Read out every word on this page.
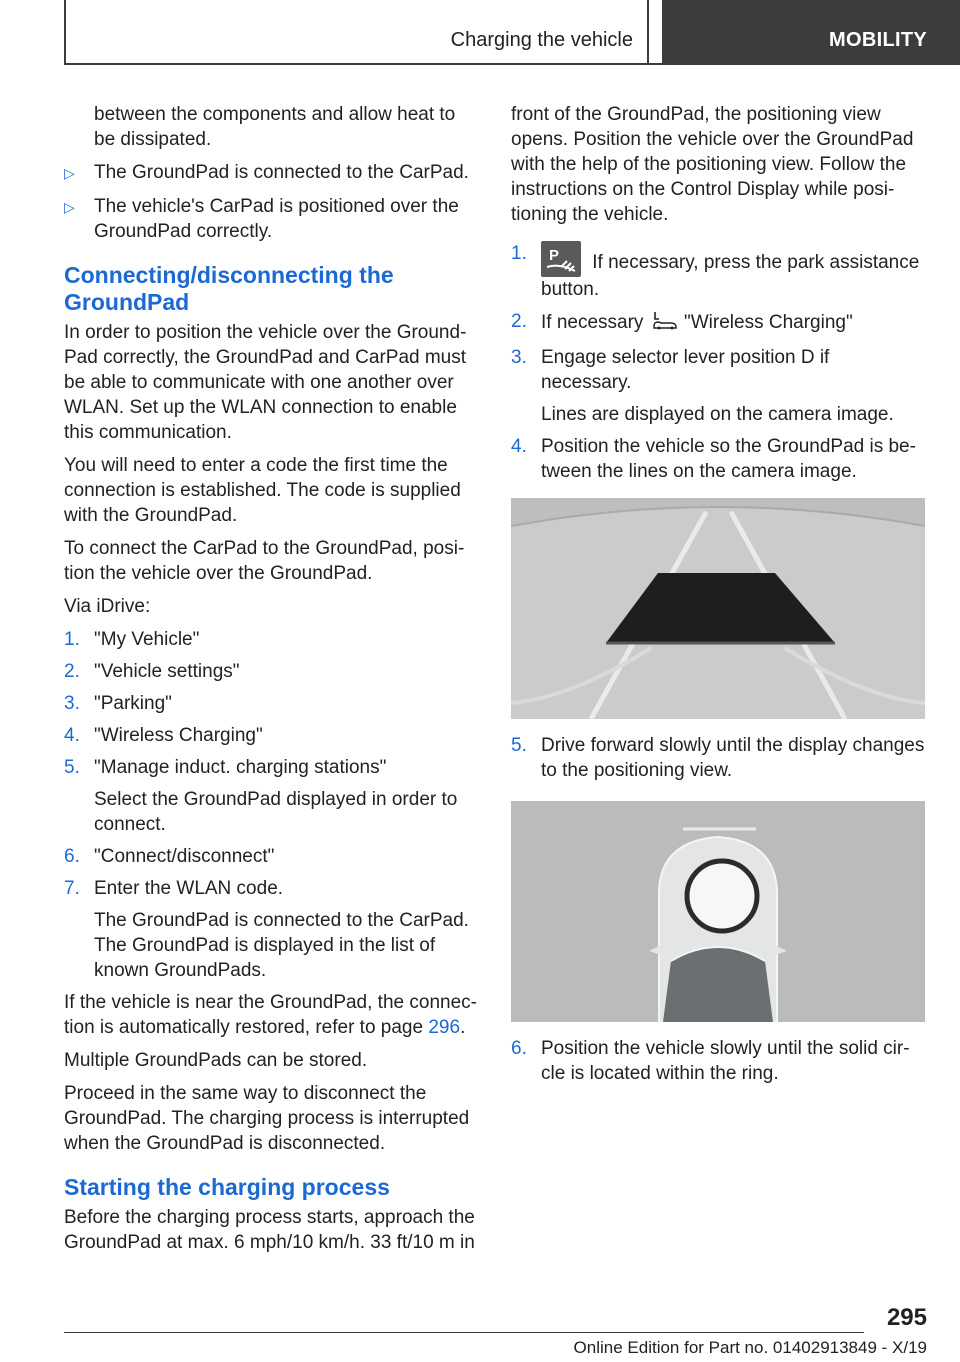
Charging the vehicle	MOBILITY

between the components and allow heat to be dissipated.

▷	The GroundPad is connected to the CarPad.
▷	The vehicle's CarPad is positioned over the GroundPad correctly.
Connecting/disconnecting the GroundPad

In order to position the vehicle over the Ground-Pad correctly, the GroundPad and CarPad must be able to communicate with one another over WLAN. Set up the WLAN connection to enable this communication.

You will need to enter a code the first time the connection is established. The code is supplied with the GroundPad.

To connect the CarPad to the GroundPad, posi-tion the vehicle over the GroundPad.

Via iDrive:

1. "My Vehicle"
2. "Vehicle settings"
3. "Parking"
4. "Wireless Charging"
5. "Manage induct. charging stations"

Select the GroundPad displayed in order to connect.

6. "Connect/disconnect"
7. Enter the WLAN code.

The GroundPad is connected to the CarPad. The GroundPad is displayed in the list of known GroundPads.

If the vehicle is near the GroundPad, the connec-tion is automatically restored, refer to page 296.

Multiple GroundPads can be stored.

Proceed in the same way to disconnect the GroundPad. The charging process is interrupted when the GroundPad is disconnected.

Starting the charging process

Before the charging process starts, approach the GroundPad at max. 6 mph/10 km/h. 33 ft/10 m in

front of the GroundPad, the positioning view opens. Position the vehicle over the GroundPad with the help of the positioning view. Follow the instructions on the Control Display while posi-tioning the vehicle.

1.	P If necessary, press the park assistance button.
2. If necessary  "Wireless Charging"
3. Engage selector lever position D if necessary.

Lines are displayed on the camera image.

4. Position the vehicle so the GroundPad is be-tween the lines on the camera image.
5. Drive forward slowly until the display changes to the positioning view.
6. Position the vehicle slowly until the solid cir-cle is located within the ring.
295
Online Edition for Part no. 01402913849 - X/19
